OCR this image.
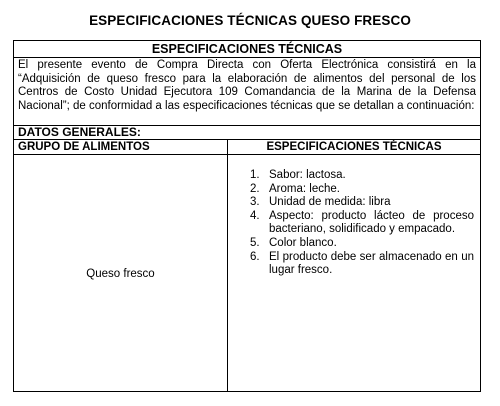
ESPECIFICACIONES TÉCNICAS QUESO FRESCO
ESPECIFICACIONES TÉCNICAS
El presente evento de Compra Directa con Oferta Electrónica consistirá en la “Adquisición de queso fresco para la elaboración de alimentos del personal de los Centros de Costo Unidad Ejecutora 109 Comandancia de la Marina de la Defensa Nacional”; de conformidad a las especificaciones técnicas que se detallan a continuación:
DATOS GENERALES:
GRUPO DE ALIMENTOS
Queso fresco
ESPECIFICACIONES TÉCNICAS
1. Sabor: lactosa.
2. Aroma: leche.
3. Unidad de medida: libra
4. Aspecto: producto lácteo de proceso bacteriano, solidificado y empacado.
5. Color blanco.
6. El producto debe ser almacenado en un lugar fresco.
